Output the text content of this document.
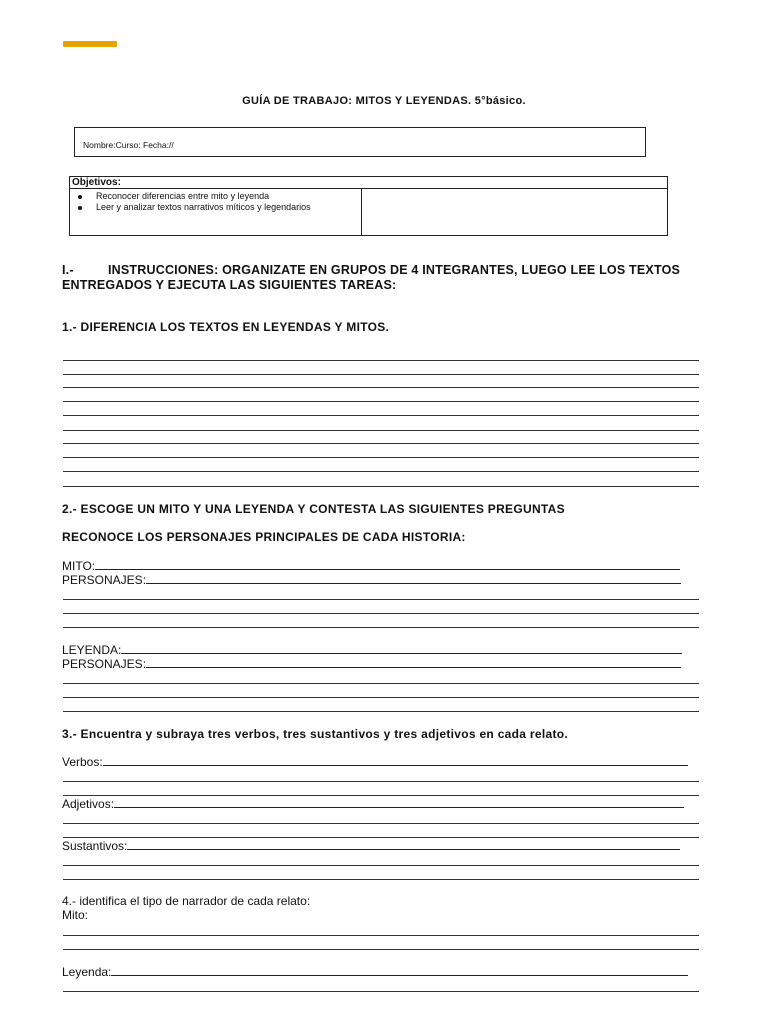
GUÍA DE TRABAJO: MITOS Y LEYENDAS. 5°básico.
Nombre:Curso: Fecha://
Objetivos:
Reconocer diferencias entre mito y leyenda
Leer y analizar textos narrativos míticos y legendarios
I.-	INSTRUCCIONES: ORGANIZATE EN GRUPOS DE 4 INTEGRANTES, LUEGO LEE LOS TEXTOS ENTREGADOS Y EJECUTA LAS SIGUIENTES TAREAS:
1.- DIFERENCIA LOS TEXTOS EN LEYENDAS Y MITOS.
2.- ESCOGE UN MITO Y UNA LEYENDA Y CONTESTA LAS SIGUIENTES PREGUNTAS
RECONOCE LOS PERSONAJES PRINCIPALES DE CADA HISTORIA:
MITO:
PERSONAJES:
LEYENDA:
PERSONAJES:
3.- Encuentra y subraya tres verbos, tres sustantivos y tres adjetivos en cada relato.
Verbos:
Adjetivos:
Sustantivos:
4.- identifica el tipo de narrador de cada relato:
Mito:
Leyenda:
